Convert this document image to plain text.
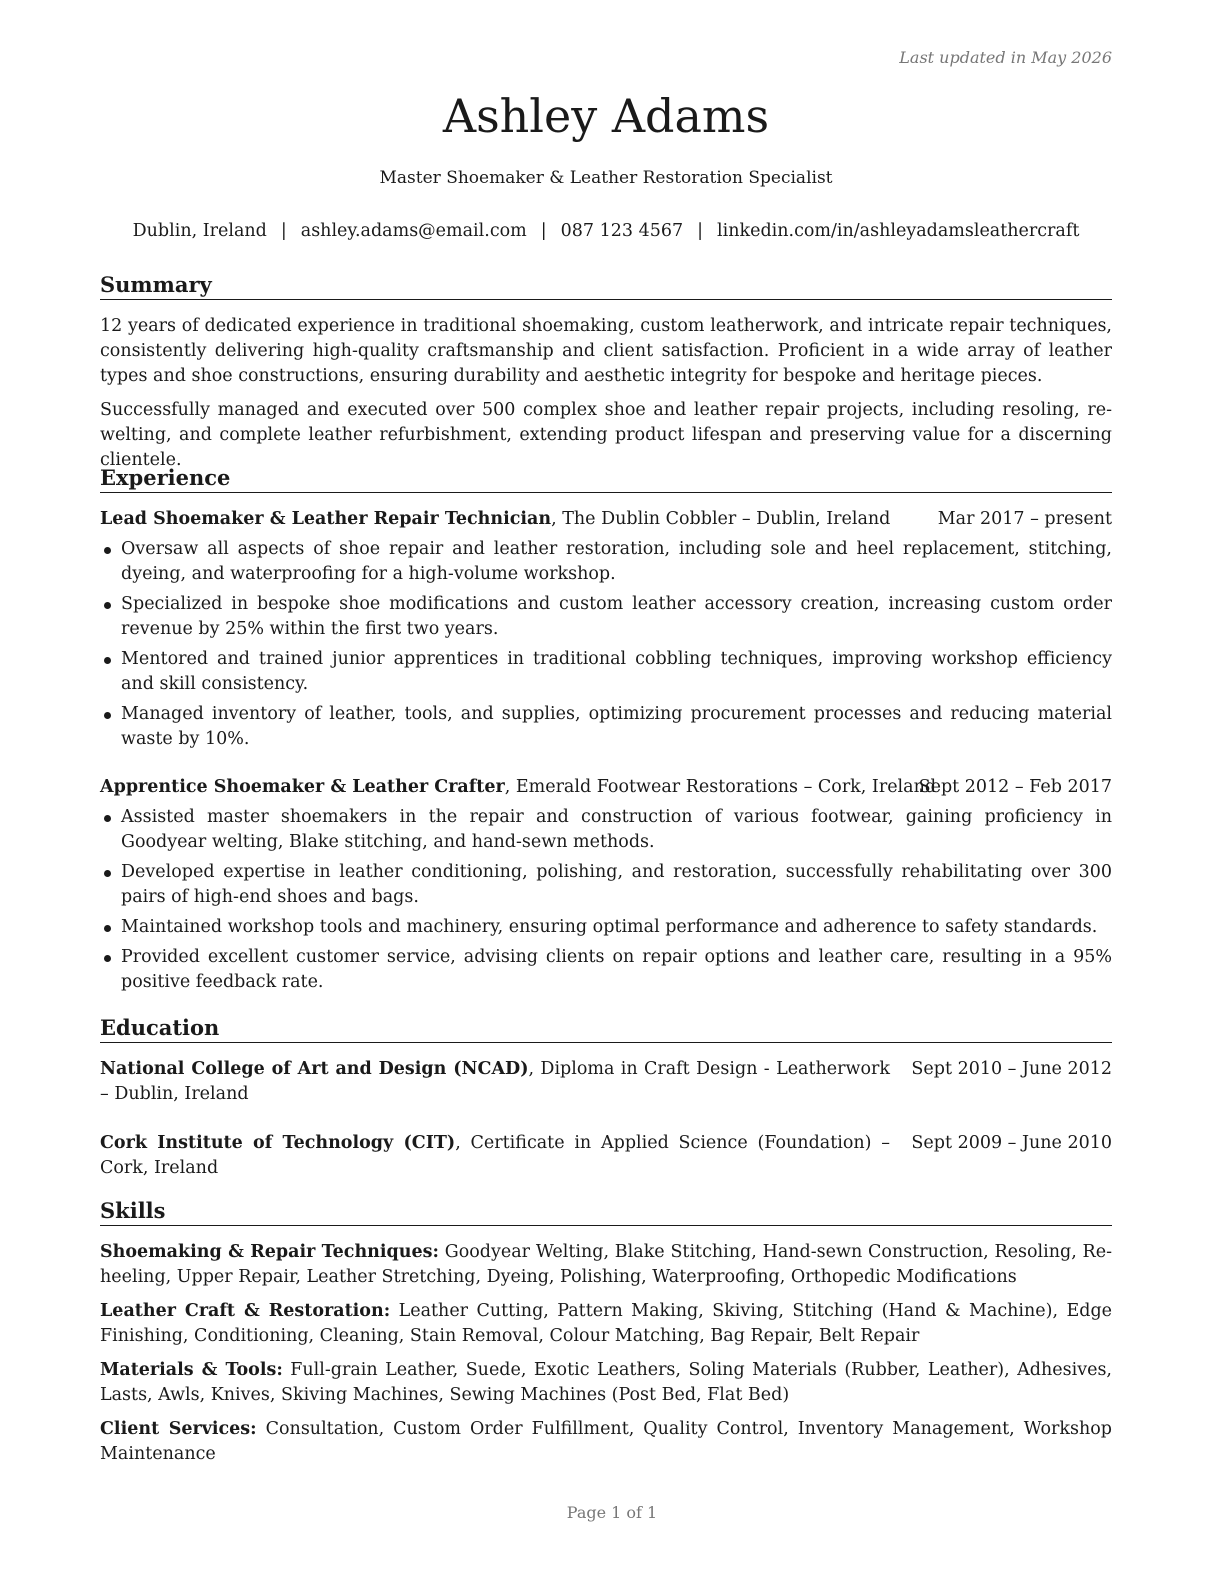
Last updated in May 2026
Ashley Adams
Master Shoemaker & Leather Restoration Specialist
Dublin, Ireland | ashley.adams@email.com | 087 123 4567 | linkedin.com/in/ashleyadamsleathercraft
Summary

12 years of dedicated experience in traditional shoemaking, custom leatherwork, and intricate repair techniques, consistently delivering high-quality craftsmanship and client satisfaction. Proficient in a wide array of leather types and shoe constructions, ensuring durability and aesthetic integrity for bespoke and heritage pieces.

Successfully managed and executed over 500 complex shoe and leather repair projects, including resoling, re-welting, and complete leather refurbishment, extending product lifespan and preserving value for a discerning clientele.

Experience
Lead Shoemaker & Leather Repair Technician, The Dublin Cobbler – Dublin, Ireland	Mar 2017 – present
Oversaw all aspects of shoe repair and leather restoration, including sole and heel replacement, stitching, dyeing, and waterproofing for a high-volume workshop.
Specialized in bespoke shoe modifications and custom leather accessory creation, increasing custom order revenue by 25% within the first two years.
Mentored and trained junior apprentices in traditional cobbling techniques, improving workshop efficiency and skill consistency.
Managed inventory of leather, tools, and supplies, optimizing procurement processes and reducing material waste by 10%.
Apprentice Shoemaker & Leather Crafter, Emerald Footwear Restorations – Cork, Ireland
Sept 2012 – Feb 2017
Assisted master shoemakers in the repair and construction of various footwear, gaining proficiency in Goodyear welting, Blake stitching, and hand-sewn methods.
Developed expertise in leather conditioning, polishing, and restoration, successfully rehabilitating over 300 pairs of high-end shoes and bags.
Maintained workshop tools and machinery, ensuring optimal performance and adherence to safety standards.
Provided excellent customer service, advising clients on repair options and leather care, resulting in a 95% positive feedback rate.
Education
National College of Art and Design (NCAD), Diploma in Craft Design - Leatherwork – Dublin, Ireland
Sept 2010 – June 2012
Cork Institute of Technology (CIT), Certificate in Applied Science (Foundation) – Cork, Ireland
Sept 2009 – June 2010
Skills

Shoemaking & Repair Techniques: Goodyear Welting, Blake Stitching, Hand-sewn Construction, Resoling, Re-heeling, Upper Repair, Leather Stretching, Dyeing, Polishing, Waterproofing, Orthopedic Modifications

Leather Craft & Restoration: Leather Cutting, Pattern Making, Skiving, Stitching (Hand & Machine), Edge Finishing, Conditioning, Cleaning, Stain Removal, Colour Matching, Bag Repair, Belt Repair

Materials & Tools: Full-grain Leather, Suede, Exotic Leathers, Soling Materials (Rubber, Leather), Adhesives, Lasts, Awls, Knives, Skiving Machines, Sewing Machines (Post Bed, Flat Bed)

Client Services: Consultation, Custom Order Fulfillment, Quality Control, Inventory Management, Workshop Maintenance

Page 1 of 1
